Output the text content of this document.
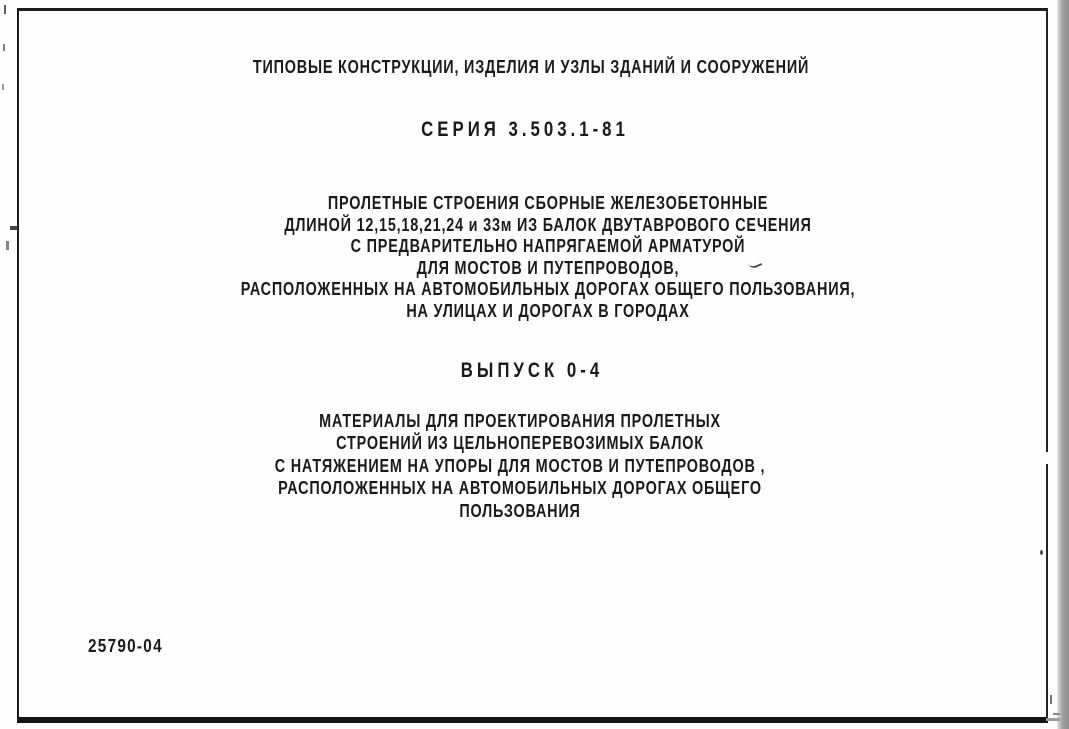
ТИПОВЫЕ КОНСТРУКЦИИ, ИЗДЕЛИЯ И УЗЛЫ ЗДАНИЙ И СООРУЖЕНИЙ
СЕРИЯ 3.503.1-81
ПРОЛЕТНЫЕ СТРОЕНИЯ СБОРНЫЕ ЖЕЛЕЗОБЕТОННЫЕ
ДЛИНОЙ 12,15,18,21,24 и 33м ИЗ БАЛОК ДВУТАВРОВОГО СЕЧЕНИЯ
С ПРЕДВАРИТЕЛЬНО НАПРЯГАЕМОЙ АРМАТУРОЙ
ДЛЯ МОСТОВ И ПУТЕПРОВОДОВ,
РАСПОЛОЖЕННЫХ НА АВТОМОБИЛЬНЫХ ДОРОГАХ ОБЩЕГО ПОЛЬЗОВАНИЯ,
НА УЛИЦАХ И ДОРОГАХ В ГОРОДАХ
ВЫПУСК 0-4
МАТЕРИАЛЫ ДЛЯ ПРОЕКТИРОВАНИЯ ПРОЛЕТНЫХ
СТРОЕНИЙ ИЗ ЦЕЛЬНОПЕРЕВОЗИМЫХ БАЛОК
С НАТЯЖЕНИЕМ НА УПОРЫ ДЛЯ МОСТОВ И ПУТЕПРОВОДОВ ,
РАСПОЛОЖЕННЫХ НА АВТОМОБИЛЬНЫХ ДОРОГАХ ОБЩЕГО
ПОЛЬЗОВАНИЯ
25790-04
